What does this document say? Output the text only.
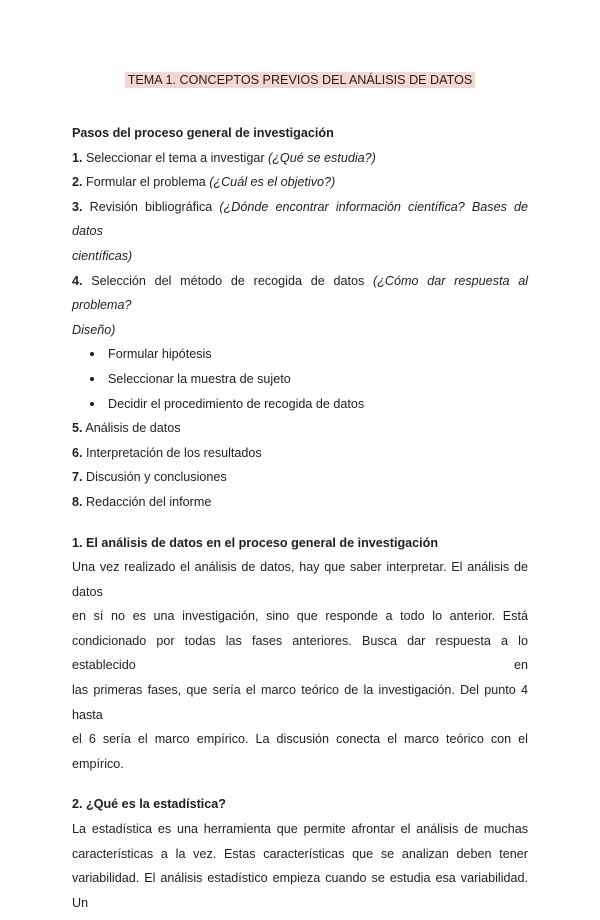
TEMA 1. CONCEPTOS PREVIOS DEL ANÁLISIS DE DATOS

Pasos del proceso general de investigación

1. Seleccionar el tema a investigar (¿Qué se estudia?)

2. Formular el problema (¿Cuál es el objetivo?)

3. Revisión bibliográfica (¿Dónde encontrar información científica? Bases de datos

científicas)

4. Selección del método de recogida de datos (¿Cómo dar respuesta al problema?

Diseño)

Formular hipótesis
Seleccionar la muestra de sujeto
Decidir el procedimiento de recogida de datos

5. Análisis de datos

6. Interpretación de los resultados

7. Discusión y conclusiones

8. Redacción del informe

1. El análisis de datos en el proceso general de investigación

Una vez realizado el análisis de datos, hay que saber interpretar. El análisis de datos

en sí no es una investigación, sino que responde a todo lo anterior. Está

condicionado por todas las fases anteriores. Busca dar respuesta a lo establecido en

las primeras fases, que sería el marco teórico de la investigación. Del punto 4 hasta

el 6 sería el marco empírico. La discusión conecta el marco teórico con el empírico.

2. ¿Qué es la estadística?

La estadística es una herramienta que permite afrontar el análisis de muchas

características a la vez. Estas características que se analizan deben tener

variabilidad. El análisis estadístico empieza cuando se estudia esa variabilidad. Un
